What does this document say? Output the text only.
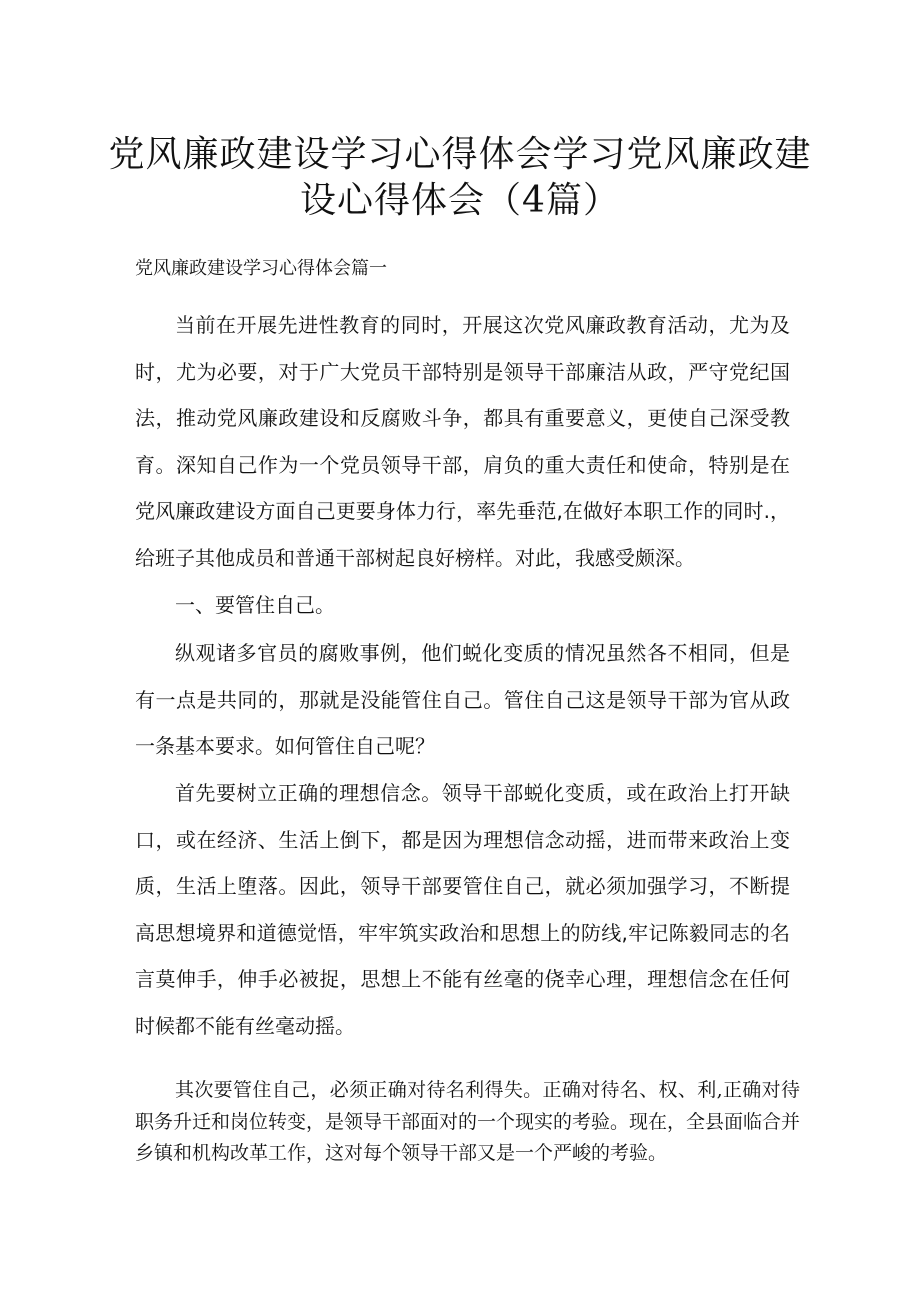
党风廉政建设学习心得体会学习党风廉政建设心得体会（4篇）

党风廉政建设学习心得体会篇一

当前在开展先进性教育的同时，开展这次党风廉政教育活动，尤为及时，尤为必要，对于广大党员干部特别是领导干部廉洁从政，严守党纪国法，推动党风廉政建设和反腐败斗争，都具有重要意义，更使自己深受教育。深知自己作为一个党员领导干部，肩负的重大责任和使命，特别是在党风廉政建设方面自己更要身体力行，率先垂范,在做好本职工作的同时.，给班子其他成员和普通干部树起良好榜样。对此，我感受颇深。

一、要管住自己。

纵观诸多官员的腐败事例，他们蜕化变质的情况虽然各不相同，但是有一点是共同的，那就是没能管住自己。管住自己这是领导干部为官从政一条基本要求。如何管住自己呢？

首先要树立正确的理想信念。领导干部蜕化变质，或在政治上打开缺口，或在经济、生活上倒下，都是因为理想信念动摇，进而带来政治上变质，生活上堕落。因此，领导干部要管住自己，就必须加强学习，不断提高思想境界和道德觉悟，牢牢筑实政治和思想上的防线,牢记陈毅同志的名言莫伸手，伸手必被捉，思想上不能有丝毫的侥幸心理，理想信念在任何时候都不能有丝毫动摇。

其次要管住自己，必须正确对待名利得失。正确对待名、权、利,正确对待职务升迁和岗位转变，是领导干部面对的一个现实的考验。现在，全县面临合并乡镇和机构改革工作，这对每个领导干部又是一个严峻的考验。
